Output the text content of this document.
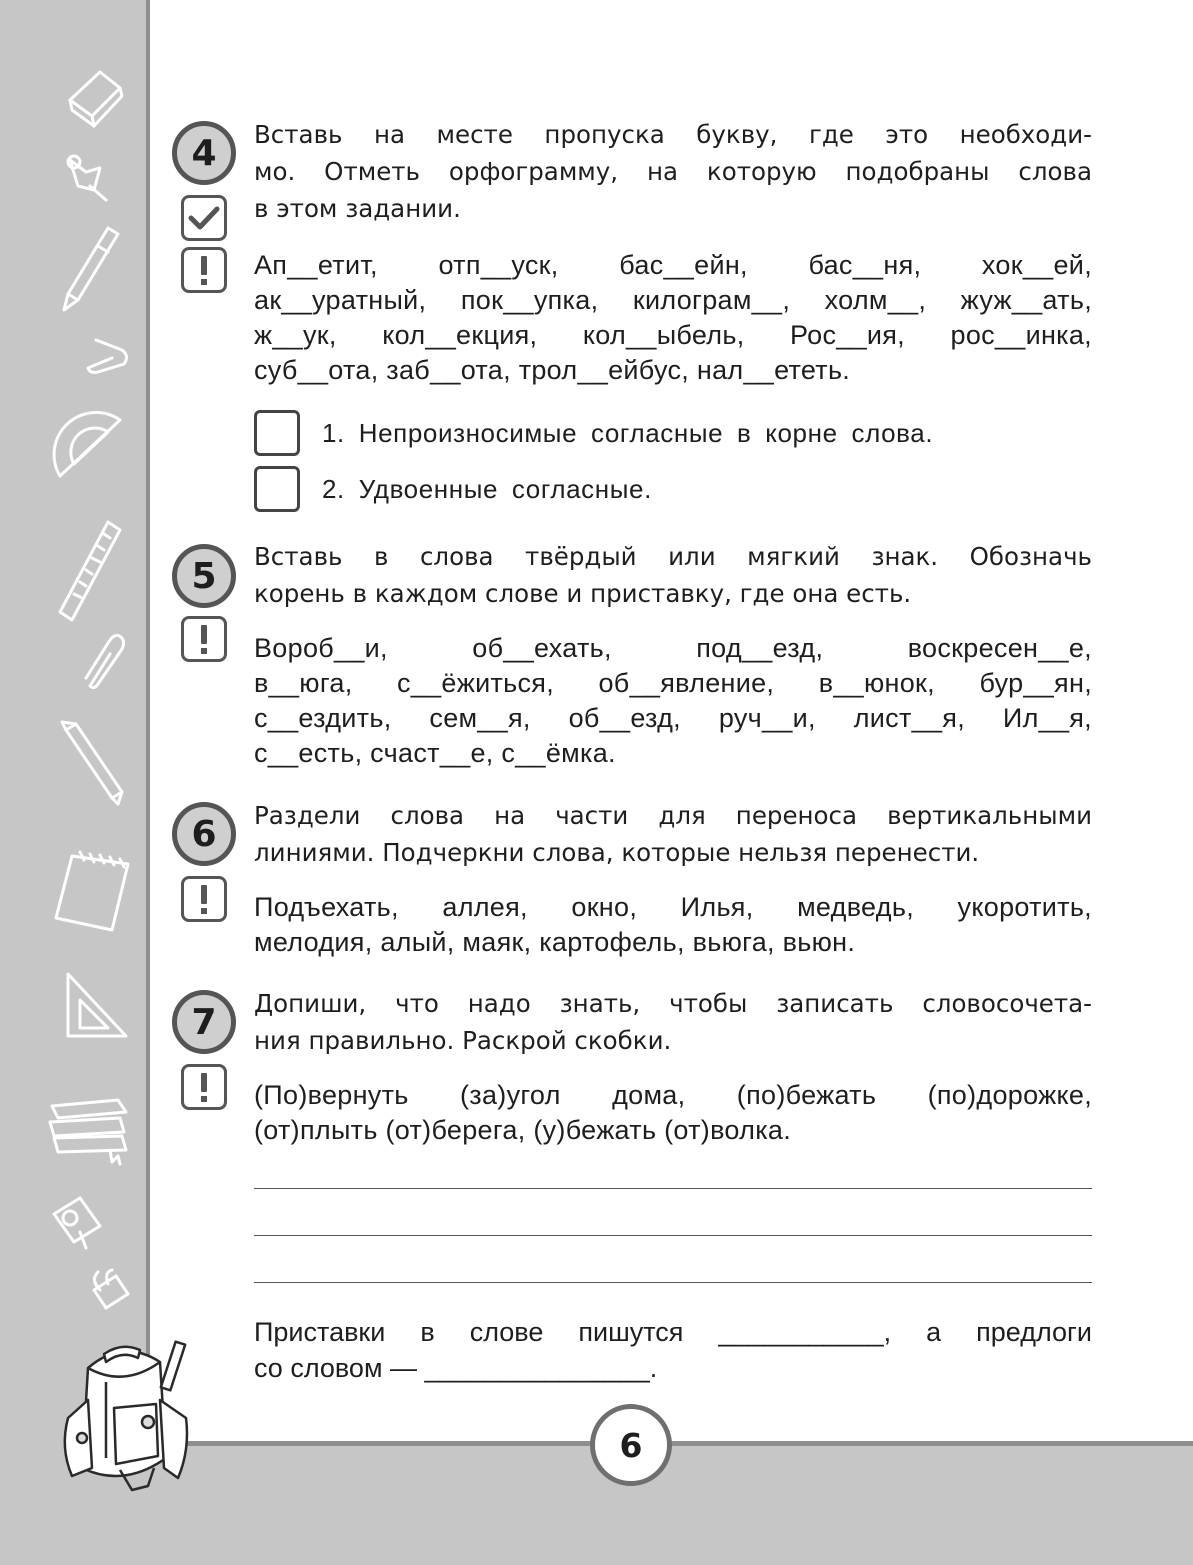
4	Вставь на месте пропуска букву, где это необходи-
мо. Отметь орфограмму, на которую подобраны слова
в этом задании.
Ап__етит, отп__уск, бас__ейн, бас__ня, хок__ей,
ак__уратный, пок__упка, килограм__, холм__, жуж__ать,
ж__ук, кол__екция, кол__ыбель, Рос__ия, рос__инка,
суб__ота, заб__ота, трол__ейбус, нал__ететь.
1. Непроизносимые согласные в корне слова.
2. Удвоенные согласные.
5	Вставь в слова твёрдый или мягкий знак. Обозначь
корень в каждом слове и приставку, где она есть.
Вороб__и, об__ехать, под__езд, воскресен__е,
в__юга, с__ёжиться, об__явление, в__юнок, бур__ян,
с__ездить, сем__я, об__езд, руч__и, лист__я, Ил__я,
с__есть, счаст__е, с__ёмка.
6	Раздели слова на части для переноса вертикальными
линиями. Подчеркни слова, которые нельзя перенести.
Подъехать, аллея, окно, Илья, медведь, укоротить,
мелодия, алый, маяк, картофель, вьюга, вьюн.
7	Допиши, что надо знать, чтобы записать словосочета-
ния правильно. Раскрой скобки.
(По)вернуть (за)угол дома, (по)бежать (по)дорожке,
(от)плыть (от)берега, (у)бежать (от)волка.
Приставки в слове пишутся ___________, а предлоги
со словом — _______________.
6
